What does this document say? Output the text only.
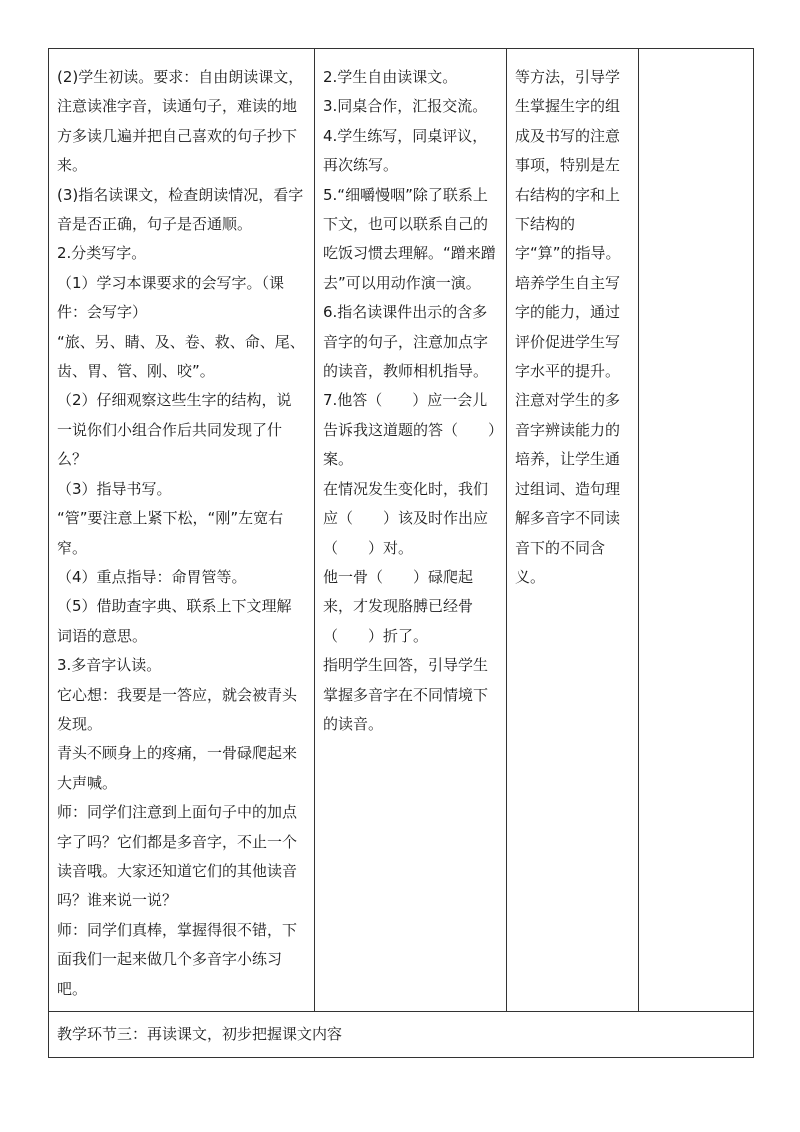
(2)学生初读。要求：自由朗读课文，注意读准字音，读通句子，难读的地方多读几遍并把自己喜欢的句子抄下来。

(3)指名读课文，检查朗读情况，看字音是否正确，句子是否通顺。

2.分类写字。

（1）学习本课要求的会写字。（课件：会写字）

“旅、另、睛、及、卷、救、命、尾、齿、胃、管、刚、咬”。

（2）仔细观察这些生字的结构，说一说你们小组合作后共同发现了什么？

（3）指导书写。

“管”要注意上紧下松，“刚”左宽右窄。

（4）重点指导：命胃管等。

（5）借助查字典、联系上下文理解词语的意思。

3.多音字认读。

它心想：我要是一答应，就会被青头发现。

青头不顾身上的疼痛，一骨碌爬起来大声喊。

师：同学们注意到上面句子中的加点字了吗？它们都是多音字，不止一个读音哦。大家还知道它们的其他读音吗？谁来说一说？

师：同学们真棒，掌握得很不错，下面我们一起来做几个多音字小练习吧。

2.学生自由读课文。

3.同桌合作，汇报交流。

4.学生练写，同桌评议，再次练写。

5.“细嚼慢咽”除了联系上下文，也可以联系自己的吃饭习惯去理解。“蹭来蹭去”可以用动作演一演。

6.指名读课件出示的含多音字的句子，注意加点字的读音，教师相机指导。

7.他答（　　）应一会儿告诉我这道题的答（　　）案。

在情况发生变化时，我们应（　　）该及时作出应（　　）对。

他一骨（　　）碌爬起来，才发现胳膊已经骨（　　）折了。

指明学生回答，引导学生掌握多音字在不同情境下的读音。

等方法，引导学生掌握生字的组成及书写的注意事项，特别是左右结构的字和上下结构的字“算”的指导。

培养学生自主写字的能力，通过评价促进学生写字水平的提升。

注意对学生的多音字辨读能力的培养，让学生通过组词、造句理解多音字不同读音下的不同含义。

教学环节三：再读课文，初步把握课文内容
